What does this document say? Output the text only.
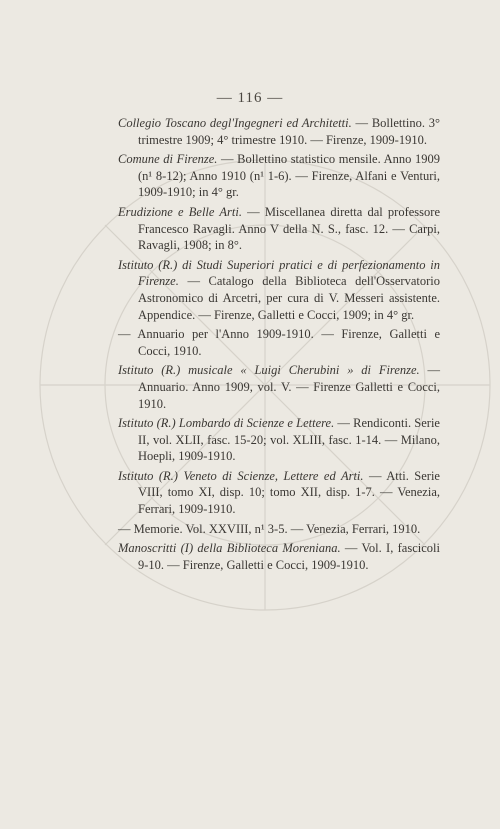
— 116 —

Collegio Toscano degl'Ingegneri ed Architetti. — Bollettino. 3° trimestre 1909; 4° trimestre 1910. — Firenze, 1909-1910.

Comune di Firenze. — Bollettino statistico mensile. Anno 1909 (n¹ 8-12); Anno 1910 (n¹ 1-6). — Firenze, Alfani e Venturi, 1909-1910; in 4° gr.

Erudizione e Belle Arti. — Miscellanea diretta dal professore Francesco Ravagli. Anno V della N. S., fasc. 12. — Carpi, Ravagli, 1908; in 8°.

Istituto (R.) di Studi Superiori pratici e di perfezionamento in Firenze. — Catalogo della Biblioteca dell'Osservatorio Astronomico di Arcetri, per cura di V. Messeri assistente. Appendice. — Firenze, Galletti e Cocci, 1909; in 4° gr.

— Annuario per l'Anno 1909-1910. — Firenze, Galletti e Cocci, 1910.

Istituto (R.) musicale « Luigi Cherubini » di Firenze. — Annuario. Anno 1909, vol. V. — Firenze Galletti e Cocci, 1910.

Istituto (R.) Lombardo di Scienze e Lettere. — Rendiconti. Serie II, vol. XLII, fasc. 15-20; vol. XLIII, fasc. 1-14. — Milano, Hoepli, 1909-1910.

Istituto (R.) Veneto di Scienze, Lettere ed Arti. — Atti. Serie VIII, tomo XI, disp. 10; tomo XII, disp. 1-7. — Venezia, Ferrari, 1909-1910.

— Memorie. Vol. XXVIII, n¹ 3-5. — Venezia, Ferrari, 1910.

Manoscritti (I) della Biblioteca Moreniana. — Vol. I, fascicoli 9-10. — Firenze, Galletti e Cocci, 1909-1910.
